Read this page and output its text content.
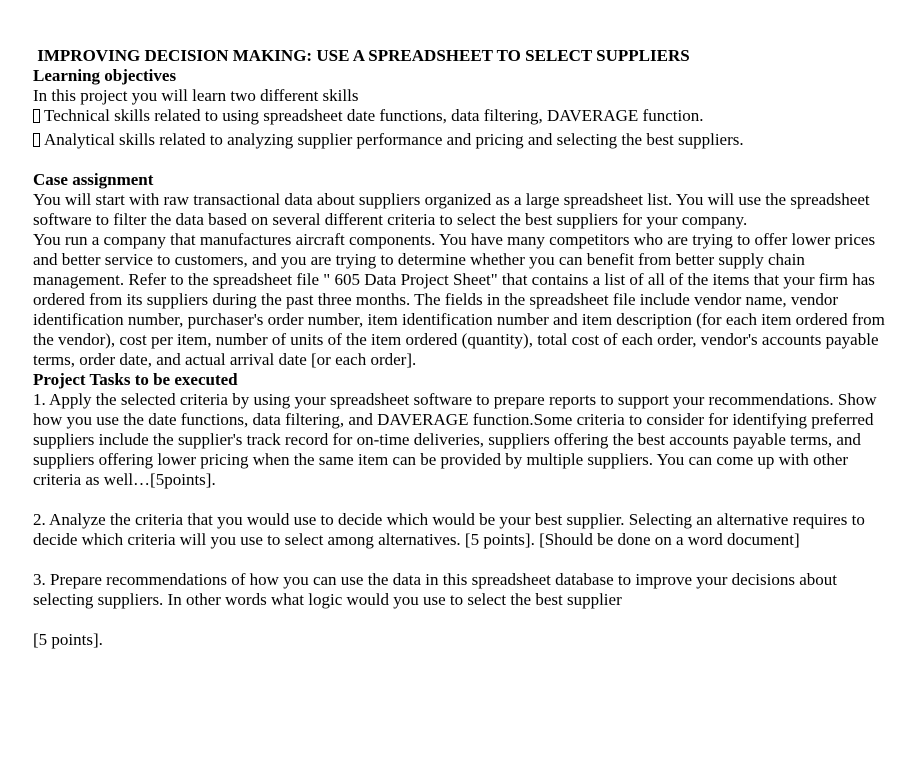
IMPROVING DECISION MAKING: USE A SPREADSHEET TO SELECT SUPPLIERS
Learning objectives

In this project you will learn two different skills

Technical skills related to using spreadsheet date functions, data filtering, DAVERAGE function.
Analytical skills related to analyzing supplier performance and pricing and selecting the best suppliers.
Case assignment

You will start with raw transactional data about suppliers organized as a large spreadsheet list. You will use the spreadsheet software to filter the data based on several different criteria to select the best suppliers for your company.

You run a company that manufactures aircraft components. You have many competitors who are trying to offer lower prices and better service to customers, and you are trying to determine whether you can benefit from better supply chain management. Refer to the spreadsheet file " 605 Data Project Sheet" that contains a list of all of the items that your firm has ordered from its suppliers during the past three months. The fields in the spreadsheet file include vendor name, vendor identification number, purchaser's order number, item identification number and item description (for each item ordered from the vendor), cost per item, number of units of the item ordered (quantity), total cost of each order, vendor's accounts payable terms, order date, and actual arrival date [or each order].

Project Tasks to be executed

1. Apply the selected criteria by using your spreadsheet software to prepare reports to support your recommendations. Show how you use the date functions, data filtering, and DAVERAGE function.Some criteria to consider for identifying preferred suppliers include the supplier's track record for on-time deliveries, suppliers offering the best accounts payable terms, and suppliers offering lower pricing when the same item can be provided by multiple suppliers. You can come up with other criteria as well…[5points].

2. Analyze the criteria that you would use to decide which would be your best supplier. Selecting an alternative requires to decide which criteria will you use to select among alternatives. [5 points]. [Should be done on a word document]

3. Prepare recommendations of how you can use the data in this spreadsheet database to improve your decisions about selecting suppliers. In other words what logic would you use to select the best supplier

[5 points].
